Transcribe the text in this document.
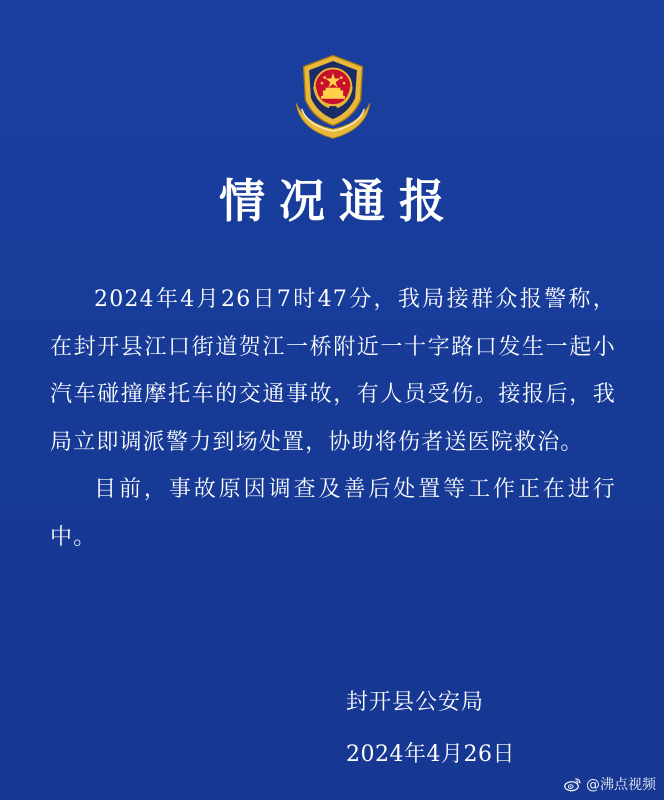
情况通报

2024年4月26日7时47分，我局接群众报警称，在封开县江口街道贺江一桥附近一十字路口发生一起小汽车碰撞摩托车的交通事故，有人员受伤。接报后，我局立即调派警力到场处置，协助将伤者送医院救治。

目前，事故原因调查及善后处置等工作正在进行中。

封开县公安局
2024年4月26日
@沸点视频
